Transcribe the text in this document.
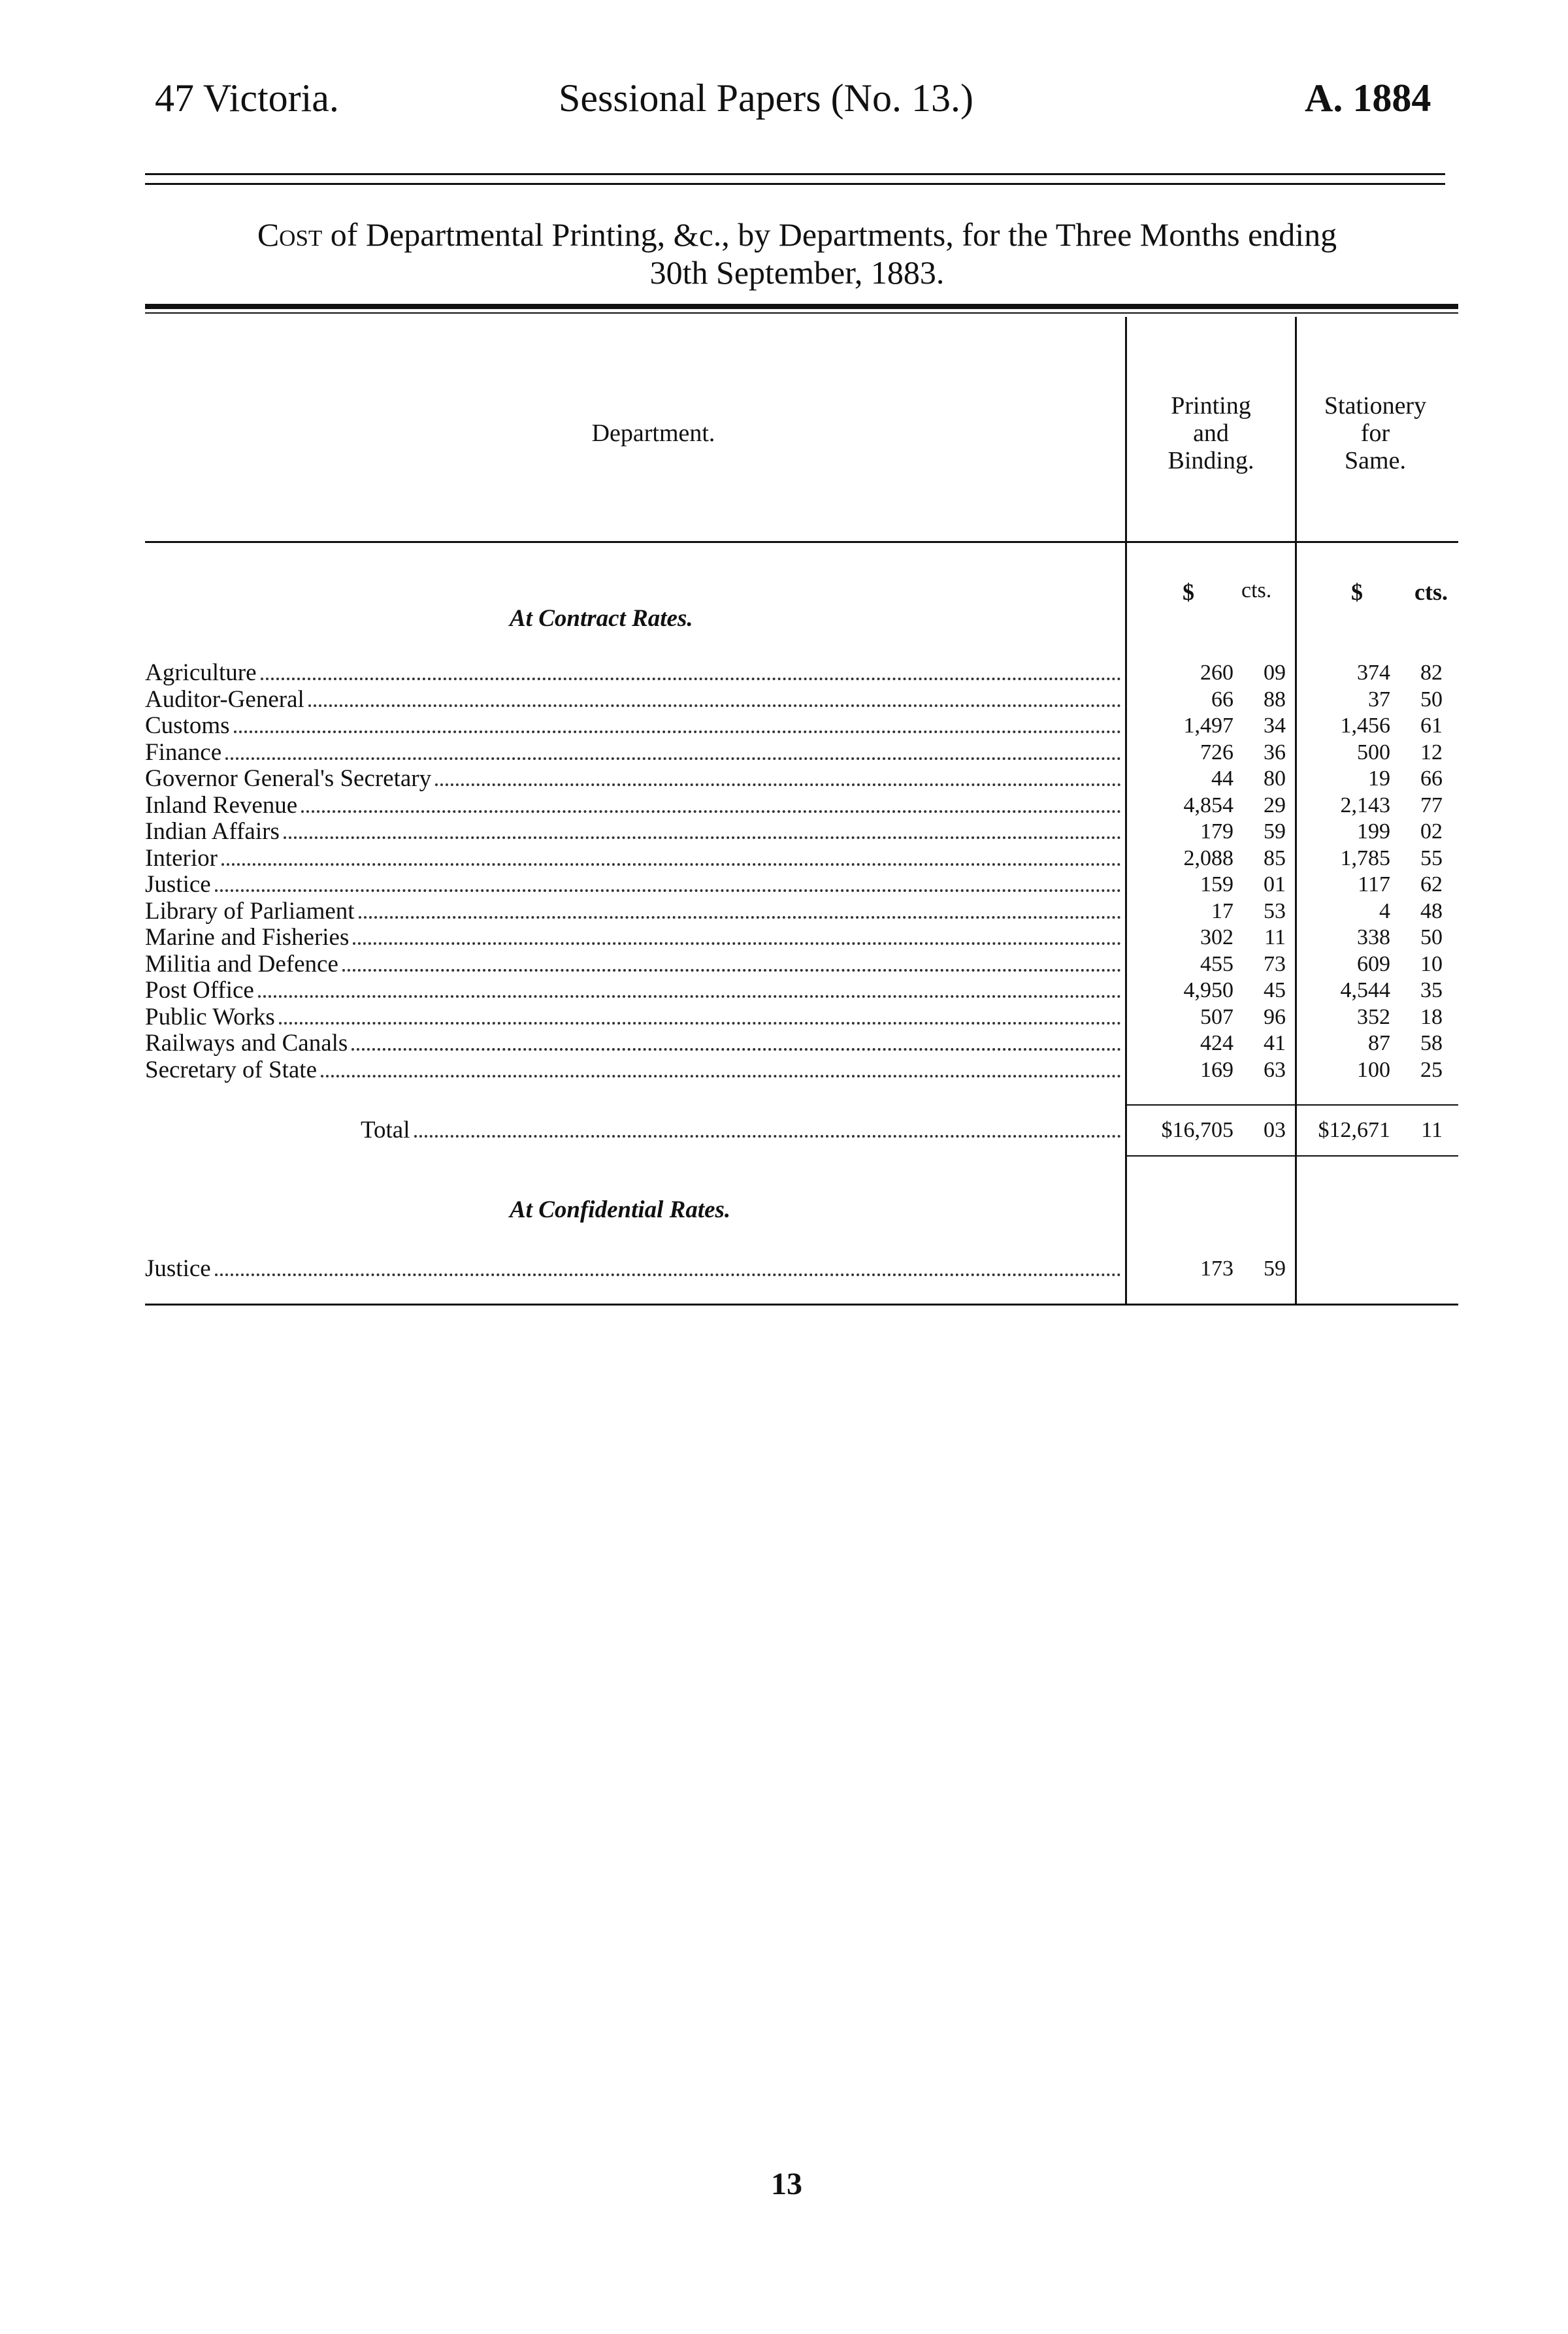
47 Victoria.	Sessional Papers (No. 13.)	A. 1884
Cost of Departmental Printing, &c., by Departments, for the Three Months ending
30th September, 1883.
Department.
Printing
and
Binding.
Stationery
for
Same.
$ cts.	$ cts.
At Contract Rates.
Agriculture	260 09	374 82
Auditor-General	66 88	37 50
Customs	1,497 34	1,456 61
Finance	726 36	500 12
Governor General's Secretary	44 80	19 66
Inland Revenue	4,854 29	2,143 77
Indian Affairs	179 59	199 02
Interior	2,088 85	1,785 55
Justice	159 01	117 62
Library of Parliament	17 53	4 48
Marine and Fisheries	302 11	338 50
Militia and Defence	455 73	609 10
Post Office	4,950 45	4,544 35
Public Works	507 96	352 18
Railways and Canals	424 41	87 58
Secretary of State	169 63	100 25
Total	$16,705 03	$12,671 11
At Confidential Rates.
Justice	173 59
13
